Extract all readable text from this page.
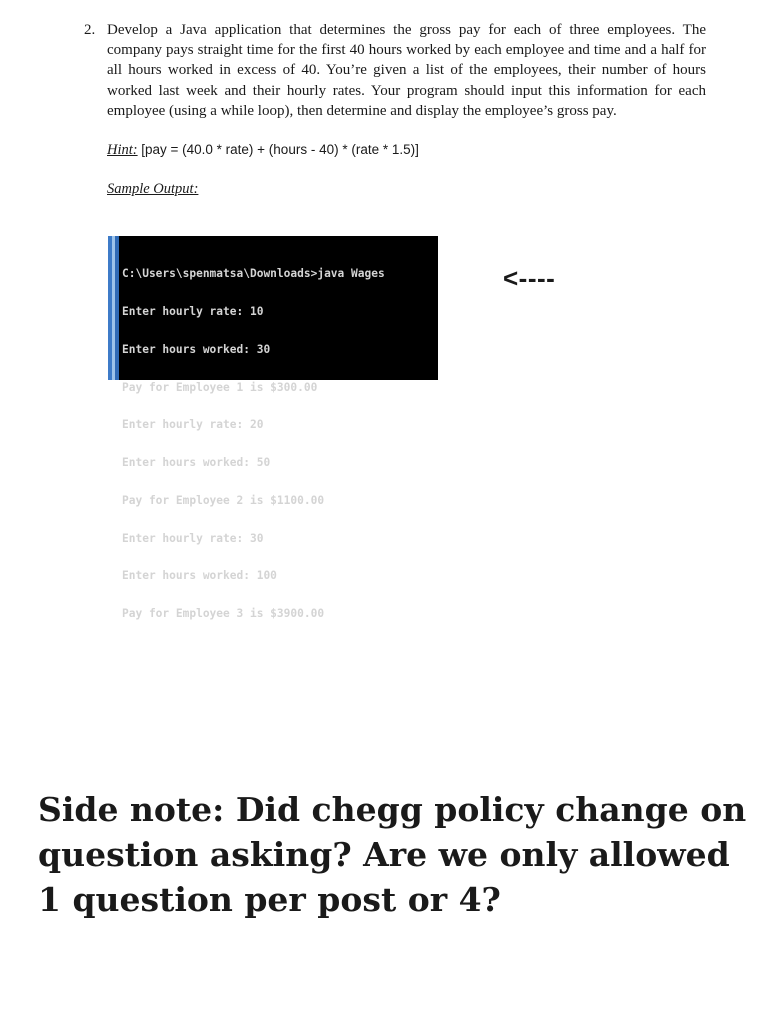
2. Develop a Java application that determines the gross pay for each of three employees. The company pays straight time for the first 40 hours worked by each employee and time and a half for all hours worked in excess of 40. You’re given a list of the employees, their number of hours worked last week and their hourly rates. Your program should input this information for each employee (using a while loop), then determine and display the employee’s gross pay.
Hint: [pay = (40.0 * rate) + (hours - 40) * (rate * 1.5)]
Sample Output:

C:\Users\spenmatsa\Downloads>java Wages

Enter hourly rate: 10

Enter hours worked: 30

Pay for Employee 1 is $300.00

Enter hourly rate: 20

Enter hours worked: 50

Pay for Employee 2 is $1100.00

Enter hourly rate: 30

Enter hours worked: 100

Pay for Employee 3 is $3900.00

<----
Side note: Did chegg policy change on question asking? Are we only allowed 1 question per post or 4?
